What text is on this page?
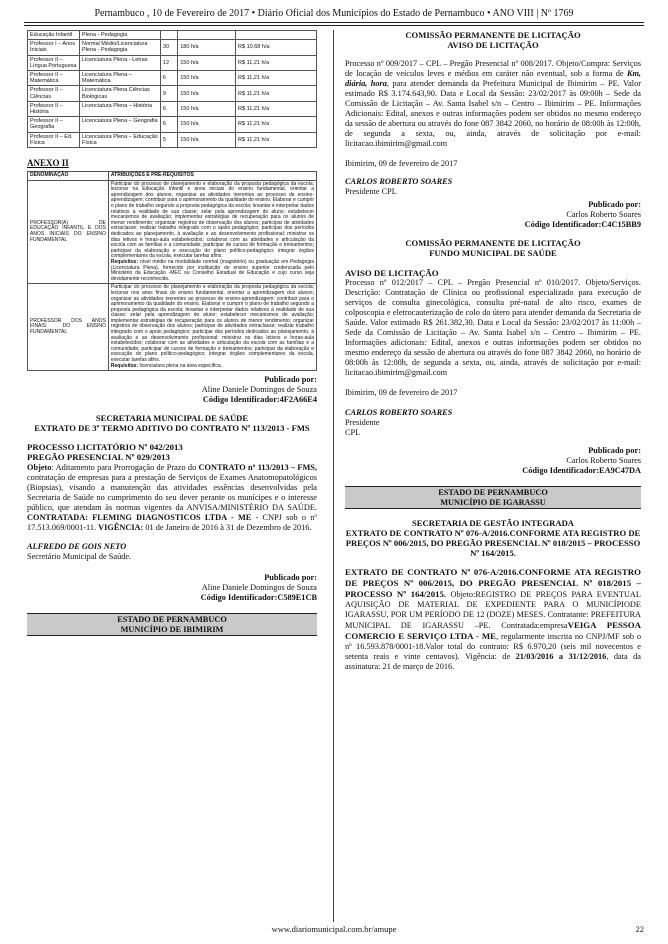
Pernambuco , 10 de Fevereiro de 2017 • Diário Oficial dos Municípios do Estado de Pernambuco • ANO VIII | Nº 1769
Educação Infantil	Plena - Pedagogia			
Professor I – Anos Iniciais	Normal Médio/Licenciatura Plena - Pedagogia	30	180 h/a	R$ 10,68 h/a
Professor II – Língua Portuguesa	Licenciatura Plena - Letras	12	150 h/a	R$ 11,21 h/a
Professor II – Matemática	Licenciatura Plena – Matemática	6	150 h/a	R$ 11,21 h/a
Professor II – Ciências	Licenciatura Plena Ciências Biológicas	9	150 h/a	R$ 11,21 h/a
Professor II – História	Licenciatura Plena – História	6	150 h/a	R$ 11,21 h/a
Professor II – Geografia	Licenciatura Plena – Geografia	6	150 h/a	R$ 11,21 h/a
Professor II – Ed. Física	Licenciatura Plena – Educação Física	5	150 h/a	R$ 11,21 h/a
ANEXO II
DENOMINAÇÃO	ATRIBUIÇÕES E PRÉ-REQUISITOS
PROFESSOR(A) DE EDUCAÇÃO INFANTIL E DOS ANOS INICIAIS DO ENSINO FUNDAMENTAL	Participar do processo de planejamento e elaboração da proposta pedagógica da escola; lecionar na Educação Infantil e anos iniciais do ensino fundamental, orientar a aprendizagem dos alunos; organizar as atividades inerentes ao processo de ensino-aprendizagem; contribuir para o aprimoramento da qualidade do ensino. Elaborar e cumprir o plano de trabalho segundo a proposta pedagógica da escola; levantar e interpretar dados relativos à realidade de sua classe; zelar pela aprendizagem do aluno; estabelecer mecanismos de avaliação; implementar estratégias de recuperação para os alunos de menor rendimento; organizar registros de observação dos alunos; participar de atividades extraclasse; realizar trabalho integrado com o apoio pedagógico; participar dos períodos dedicados ao planejamento, à avaliação e ao desenvolvimento profissional; ministrar os dias letivos e horas-aula estabelecidos; colaborar com as atividades e articulação da escola com as famílias e a comunidade; participar de cursos de formação e treinamentos; participar da elaboração e execução do plano político-pedagógico; integrar órgãos complementares da escola, executar tarefas afins.
Requisitos: nível médio na modalidade normal (magistério) ou graduação em Pedagogia (Licenciatura Plena), fornecido por instituição de ensino superior credenciada pelo Ministério da Educação -MEC ou Conselho Estadual de Educação e cujo curso seja devidamente reconhecido.
PROFESSOR DOS ANOS FINAIS DO ENSINO FUNDAMENTAL	Participar do processo de planejamento e elaboração da proposta pedagógica da escola; lecionar nos anos finais do ensino fundamental, orientar a aprendizagem dos alunos; organizar as atividades inerentes ao processo de ensino-aprendizagem; contribuir para o aprimoramento da qualidade do ensino. Elaborar e cumprir o plano de trabalho segundo a proposta pedagógica da escola; levantar e interpretar dados relativos à realidade de sua classe; zelar pela aprendizagem do aluno; estabelecer mecanismos de avaliação; implementar estratégias de recuperação para os alunos de menor rendimento; organizar registros de observação dos alunos; participar de atividades extraclasse; realizar trabalho integrado com o apoio pedagógico; participar dos períodos dedicados ao planejamento, à avaliação e ao desenvolvimento profissional; ministrar os dias letivos e horas-aula estabelecidos; colaborar com as atividades e articulação da escola com as famílias e a comunidade; participar de cursos de formação e treinamentos; participar da elaboração e execução do plano político-pedagógico; integrar órgãos complementares da escola, executar tarefas afins.
Requisitos: licenciatura plena na área específica.

Publicado por:

Aline Daniele Domingos de Souza

Código Identificador:4F2A66E4

SECRETARIA MUNICIPAL DE SAÚDE

EXTRATO DE 3º TERMO ADITIVO DO CONTRATO Nº 113/2013 - FMS

PROCESSO LICITATÓRIO Nº 042/2013

PREGÃO PRESENCIAL Nº 029/2013

Objeto: Aditamento para Prorrogação de Prazo do CONTRATO nº 113/2013 – FMS, contratação de empresas para a prestação de Serviços de Exames Anatomopatológicos (Biopsias), visando a manutenção das atividades essências desenvolvidas pela Secretaria de Saúde no cumprimento do seu dever perante os munícipes e o interesse público, que atendam às normas vigentes da ANVISA/MINISTÉRIO DA SAÚDE. CONTRATADA: FLEMING DIAGNOSTICOS LTDA - ME - CNPJ sob o nº 17.513.069/0001-11. VIGÊNCIA: 01 de Janeiro de 2016 à 31 de Dezembro de 2016.

ALFREDO DE GOIS NETO

Secretário Municipal de Saúde.

Publicado por:

Aline Daniele Domingos de Souza

Código Identificador:C589E1CB

ESTADO DE PERNAMBUCO

MUNICÍPIO DE IBIMIRIM

COMISSÃO PERMANENTE DE LICITAÇÃO

AVISO DE LICITAÇÃO

Processo nº 009/2017 – CPL – Pregão Presencial nº 008/2017. Objeto/Compra: Serviços de locação de veículos leves e médios em caráter não eventual, sob a forma de Km, diária, hora, para atender demanda da Prefeitura Municipal de Ibimirim – PE. Valor estimado R$ 3.174.643,90. Data e Local da Sessão: 23/02/2017 às 09:00h – Sede da Comissão de Licitação – Av. Santa Isabel s/n – Centro – Ibimirim – PE. Informações Adicionais: Edital, anexos e outras informações podem ser obtidos no mesmo endereço da sessão de abertura ou através do fone 087 3842 2060, no horário de 08:00h às 12:00h, de segunda a sexta, ou, ainda, através de solicitação por e-mail: licitacao.ibimirim@gmail.com

Ibimirim, 09 de fevereiro de 2017

CARLOS ROBERTO SOARES

Presidente CPL

Publicado por:

Carlos Roberto Soares

Código Identificador:C4C15BB9

COMISSÃO PERMANENTE DE LICITAÇÃO

FUNDO MUNICIPAL DE SAÚDE

AVISO DE LICITAÇÃO

Processo nº 012/2017 – CPL – Pregão Presencial nº 010/2017. Objeto/Serviços. Descrição: Contratação de Clínica ou profissional especializado para execução de serviços de consulta ginecológica, consulta pré-natal de alto risco, exames de colposcopia e eletrocauterização de colo do útero para atender demanda da Secretaria de Saúde. Valor estimado R$ 261.382,30. Data e Local da Sessão: 23/02/2017 às 11:00h – Sede da Comissão de Licitação – Av. Santa Isabel s/n – Centro – Ibimirim – PE. Informações adicionais: Edital, anexos e outras informações podem ser obtidos no mesmo endereço da sessão de abertura ou através do fone 087 3842 2060, no horário de 08:00h às 12:00h, de segunda a sexta, ou, ainda, através de solicitação por e-mail: licitacao.ibimirim@gmail.com

Ibimirim, 09 de fevereiro de 2017

CARLOS ROBERTO SOARES

Presidente

CPL

Publicado por:

Carlos Roberto Soares

Código Identificador:EA9C47DA

ESTADO DE PERNAMBUCO

MUNICÍPIO DE IGARASSU

SECRETARIA DE GESTÃO INTEGRADA

EXTRATO DE CONTRATO Nº 076-A/2016.CONFORME ATA REGISTRO DE PREÇOS Nº 006/2015, DO PREGÃO PRESENCIAL Nº 018/2015 – PROCESSO Nº 164/2015.

EXTRATO DE CONTRATO Nº 076-A/2016.CONFORME ATA REGISTRO DE PREÇOS Nº 006/2015, DO PREGÃO PRESENCIAL Nº 018/2015 – PROCESSO Nº 164/2015. Objeto:REGISTRO DE PREÇOS PARA EVENTUAL AQUISIÇÃO DE MATERIAL DE EXPEDIENTE PARA O MUNICÍPIODE IGARASSU, POR UM PERÍODO DE 12 (DOZE) MESES. Contratante: PREFEITURA MUNICIPAL DE IGARASSU –PE. Contratada:empresaVEIGA PESSOA COMERCIO E SERVIÇO LTDA - ME, regularmente inscrita no CNPJ/MF sob o nº 16.593.878/0001-18.Valor total do contrato: R$ 6.970,20 (seis mil novecentos e setenta reais e vinte centavos). Vigência: de 21/03/2016 a 31/12/2016, data da assinatura: 21 de março de 2016.

www.diariomunicipal.com.br/amupe	22
